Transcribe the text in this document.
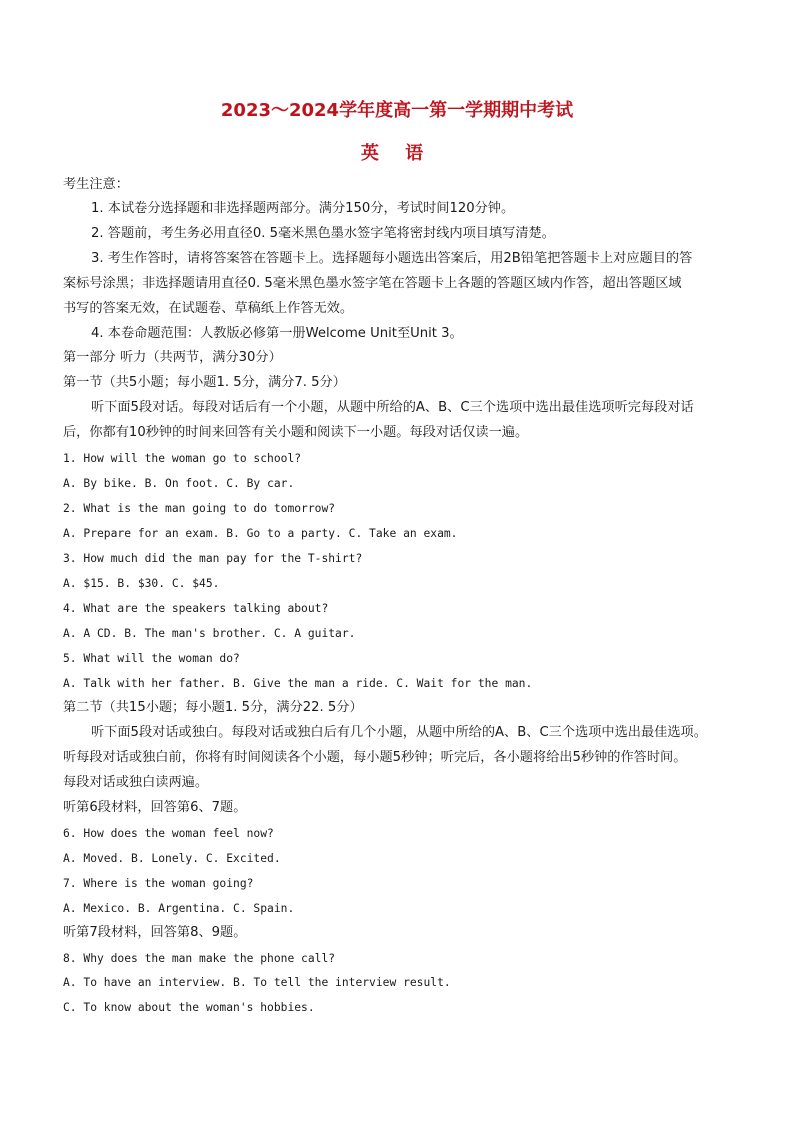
2023～2024学年度高一第一学期期中考试
英 语
考生注意：
1. 本试卷分选择题和非选择题两部分。满分150分，考试时间120分钟。
2. 答题前，考生务必用直径0. 5毫米黑色墨水签字笔将密封线内项目填写清楚。
3. 考生作答时，请将答案答在答题卡上。选择题每小题选出答案后，用2B铅笔把答题卡上对应题目的答
案标号涂黑；非选择题请用直径0. 5毫米黑色墨水签字笔在答题卡上各题的答题区域内作答，超出答题区域
书写的答案无效，在试题卷、草稿纸上作答无效。
4. 本卷命题范围：人教版必修第一册Welcome Unit至Unit 3。
第一部分 听力（共两节，满分30分）
第一节（共5小题；每小题1. 5分，满分7. 5分）
听下面5段对话。每段对话后有一个小题，从题中所给的A、B、C三个选项中选出最佳选项听完每段对话
后，你都有10秒钟的时间来回答有关小题和阅读下一小题。每段对话仅读一遍。
1. How will the woman go to school?
A. By bike. B. On foot. C. By car.
2. What is the man going to do tomorrow?
A. Prepare for an exam. B. Go to a party. C. Take an exam.
3. How much did the man pay for the T-shirt?
A. $15. B. $30. C. $45.
4. What are the speakers talking about?
A. A CD. B. The man's brother. C. A guitar.
5. What will the woman do?
A. Talk with her father. B. Give the man a ride. C. Wait for the man.
第二节（共15小题；每小题1. 5分，满分22. 5分）
听下面5段对话或独白。每段对话或独白后有几个小题，从题中所给的A、B、C三个选项中选出最佳选项。
听每段对话或独白前，你将有时间阅读各个小题，每小题5秒钟；听完后，各小题将给出5秒钟的作答时间。
每段对话或独白读两遍。
听第6段材料，回答第6、7题。
6. How does the woman feel now?
A. Moved. B. Lonely. C. Excited.
7. Where is the woman going?
A. Mexico. B. Argentina. C. Spain.
听第7段材料，回答第8、9题。
8. Why does the man make the phone call?
A. To have an interview. B. To tell the interview result.
C. To know about the woman's hobbies.
